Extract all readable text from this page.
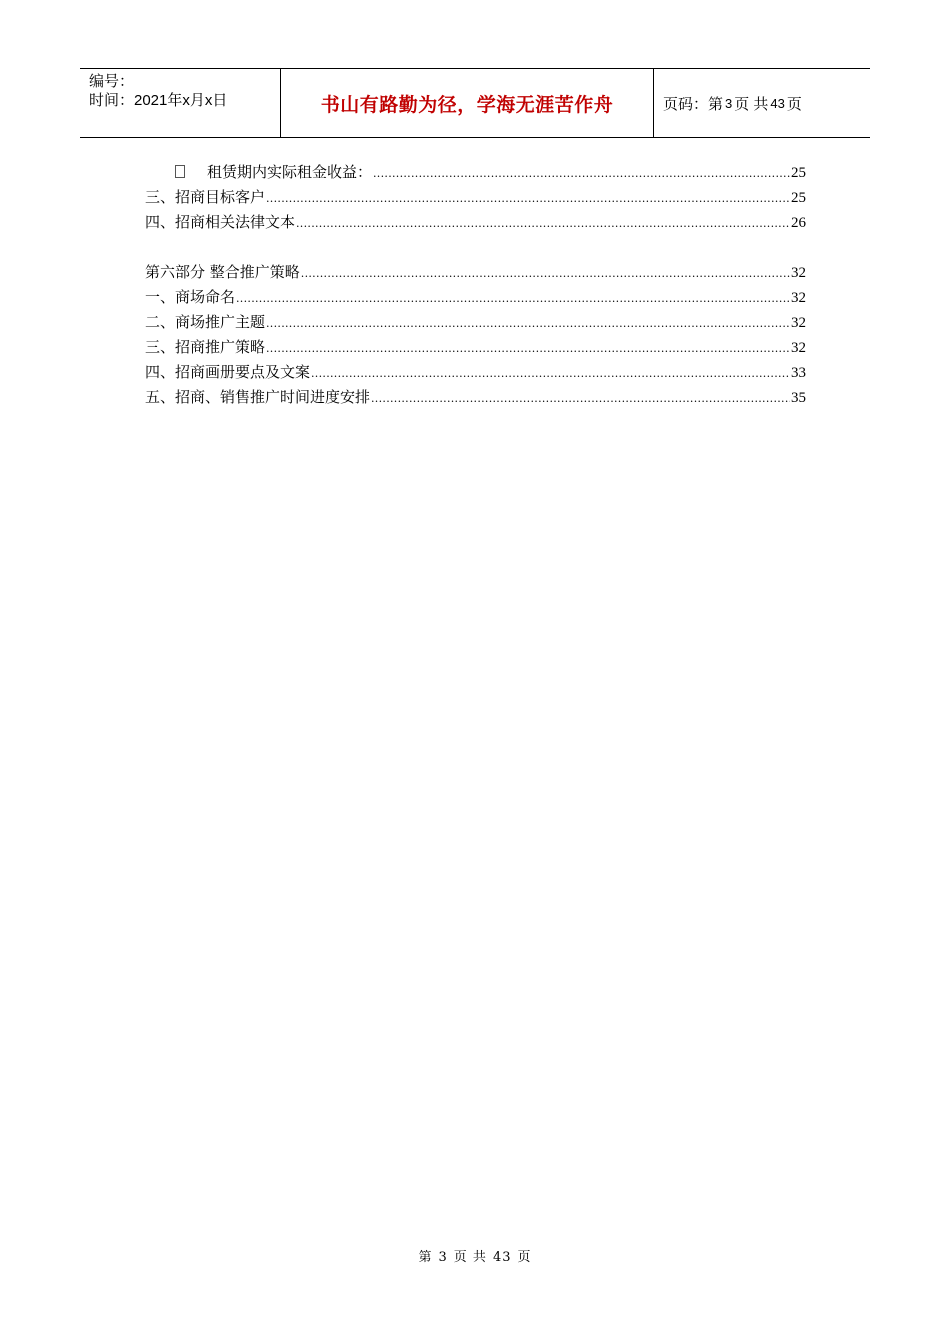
编号：
时间：2021年x月x日	书山有路勤为径，学海无涯苦作舟	页码：第 3 页 共 43 页
租赁期内实际租金收益： .....	25
三、招商目标客户 .....	25
四、招商相关法律文本 .....	26
第六部分 整合推广策略 .....	32
一、商场命名 .....	32
二、商场推广主题 .....	32
三、招商推广策略 .....	32
四、招商画册要点及文案 .....	33
五、招商、销售推广时间进度安排 .....	35
第 3 页 共 43 页
